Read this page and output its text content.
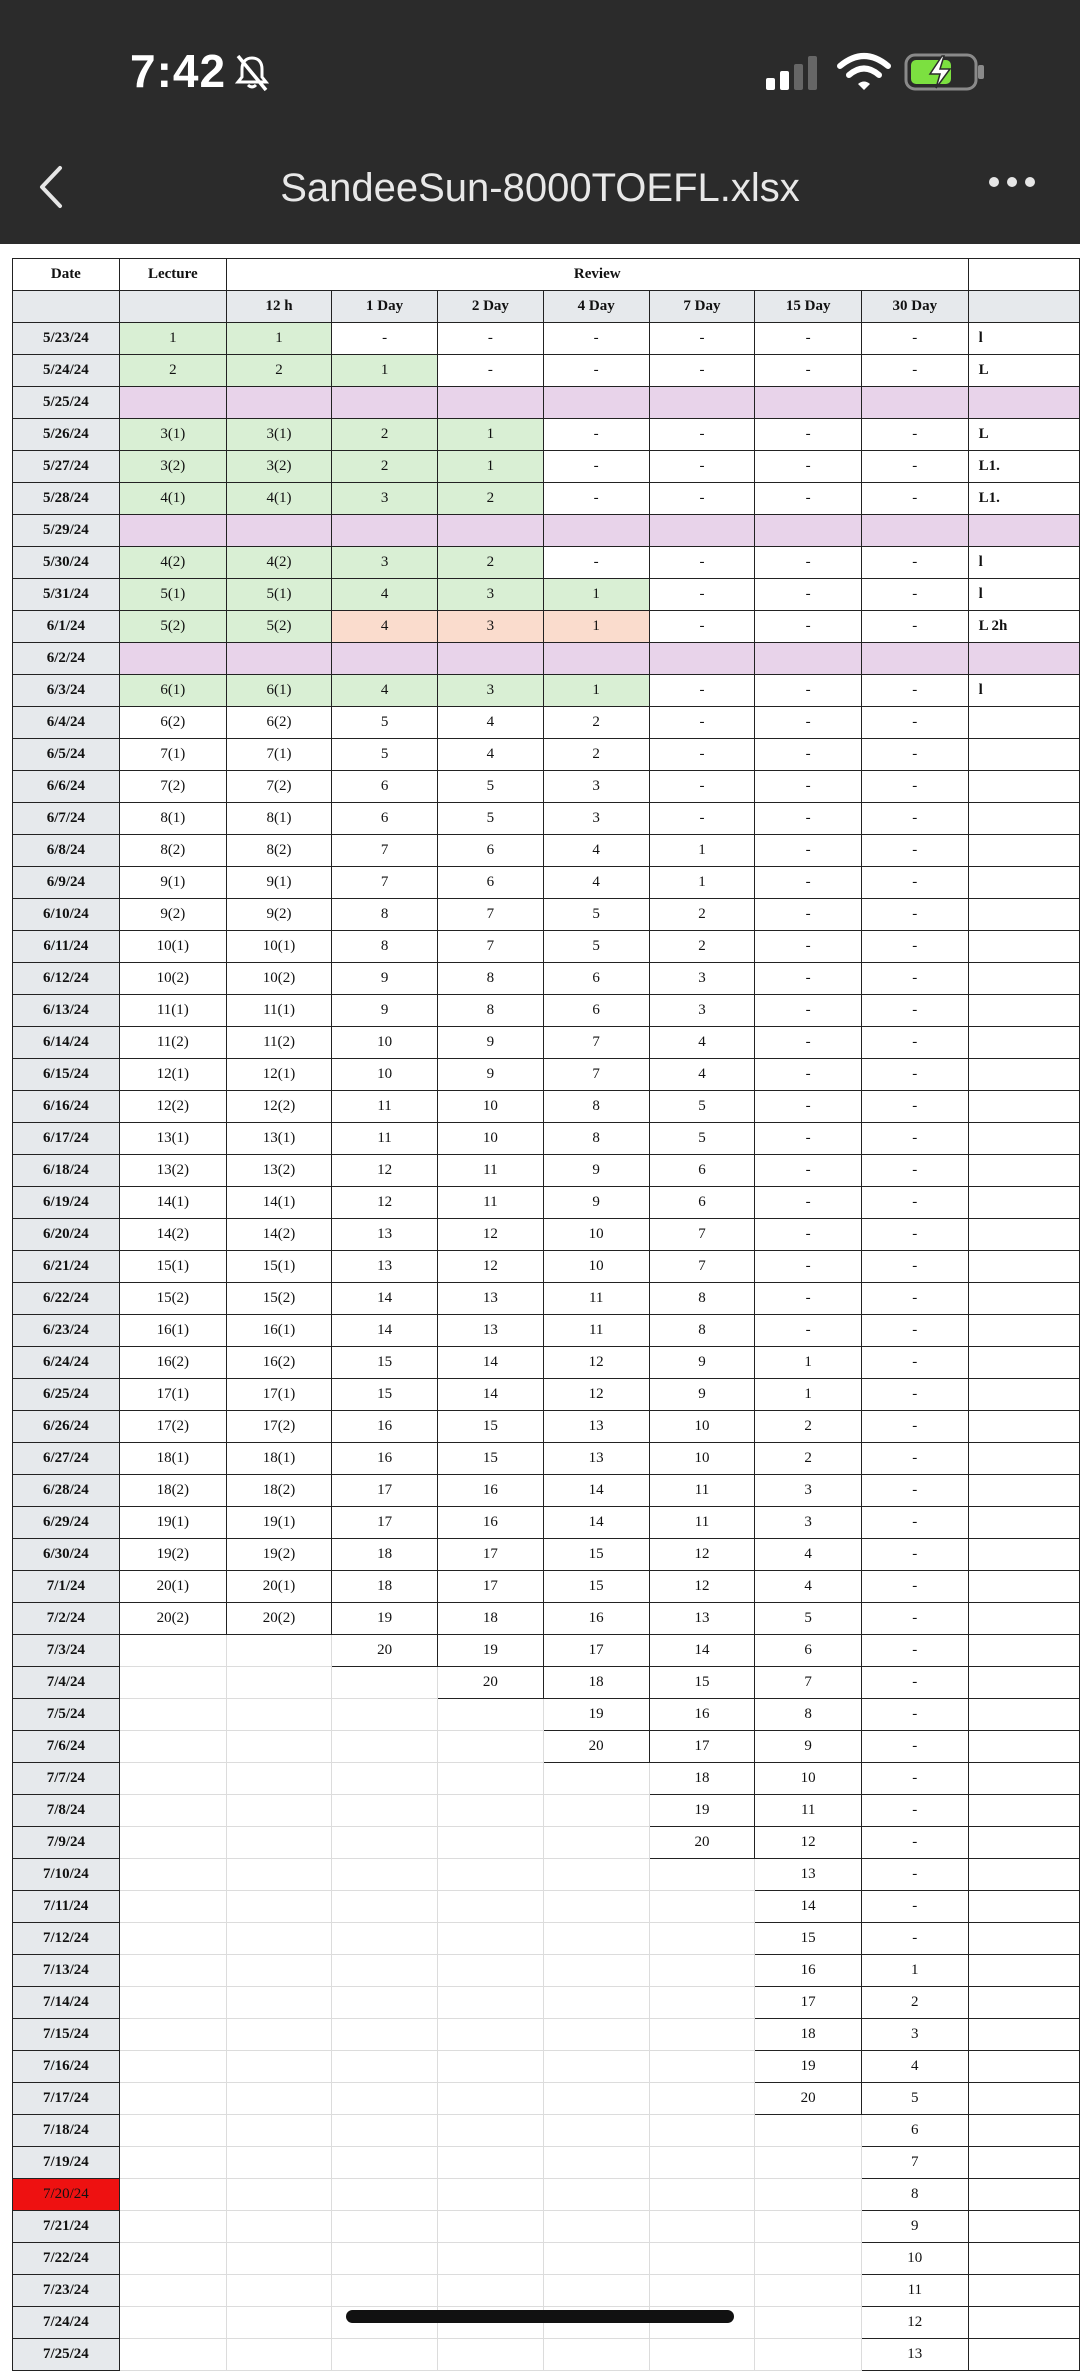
7:42
SandeeSun-8000TOEFL.xlsx
Date	Lecture	Review							
		12 h	1 Day	2 Day	4 Day	7 Day	15 Day	30 Day	
5/23/24	1	1	-	-	-	-	-	-	l
5/24/24	2	2	1	-	-	-	-	-	L
5/25/24									
5/26/24	3(1)	3(1)	2	1	-	-	-	-	L
5/27/24	3(2)	3(2)	2	1	-	-	-	-	L1.
5/28/24	4(1)	4(1)	3	2	-	-	-	-	L1.
5/29/24									
5/30/24	4(2)	4(2)	3	2	-	-	-	-	l
5/31/24	5(1)	5(1)	4	3	1	-	-	-	l
6/1/24	5(2)	5(2)	4	3	1	-	-	-	L 2h
6/2/24									
6/3/24	6(1)	6(1)	4	3	1	-	-	-	l
6/4/24	6(2)	6(2)	5	4	2	-	-	-	
6/5/24	7(1)	7(1)	5	4	2	-	-	-	
6/6/24	7(2)	7(2)	6	5	3	-	-	-	
6/7/24	8(1)	8(1)	6	5	3	-	-	-	
6/8/24	8(2)	8(2)	7	6	4	1	-	-	
6/9/24	9(1)	9(1)	7	6	4	1	-	-	
6/10/24	9(2)	9(2)	8	7	5	2	-	-	
6/11/24	10(1)	10(1)	8	7	5	2	-	-	
6/12/24	10(2)	10(2)	9	8	6	3	-	-	
6/13/24	11(1)	11(1)	9	8	6	3	-	-	
6/14/24	11(2)	11(2)	10	9	7	4	-	-	
6/15/24	12(1)	12(1)	10	9	7	4	-	-	
6/16/24	12(2)	12(2)	11	10	8	5	-	-	
6/17/24	13(1)	13(1)	11	10	8	5	-	-	
6/18/24	13(2)	13(2)	12	11	9	6	-	-	
6/19/24	14(1)	14(1)	12	11	9	6	-	-	
6/20/24	14(2)	14(2)	13	12	10	7	-	-	
6/21/24	15(1)	15(1)	13	12	10	7	-	-	
6/22/24	15(2)	15(2)	14	13	11	8	-	-	
6/23/24	16(1)	16(1)	14	13	11	8	-	-	
6/24/24	16(2)	16(2)	15	14	12	9	1	-	
6/25/24	17(1)	17(1)	15	14	12	9	1	-	
6/26/24	17(2)	17(2)	16	15	13	10	2	-	
6/27/24	18(1)	18(1)	16	15	13	10	2	-	
6/28/24	18(2)	18(2)	17	16	14	11	3	-	
6/29/24	19(1)	19(1)	17	16	14	11	3	-	
6/30/24	19(2)	19(2)	18	17	15	12	4	-	
7/1/24	20(1)	20(1)	18	17	15	12	4	-	
7/2/24	20(2)	20(2)	19	18	16	13	5	-	
7/3/24			20	19	17	14	6	-	
7/4/24				20	18	15	7	-	
7/5/24					19	16	8	-	
7/6/24					20	17	9	-	
7/7/24						18	10	-	
7/8/24						19	11	-	
7/9/24						20	12	-	
7/10/24							13	-	
7/11/24							14	-	
7/12/24							15	-	
7/13/24							16	1	
7/14/24							17	2	
7/15/24							18	3	
7/16/24							19	4	
7/17/24							20	5	
7/18/24								6	
7/19/24								7	
7/20/24								8	
7/21/24								9	
7/22/24								10	
7/23/24								11	
7/24/24								12	
7/25/24								13	
